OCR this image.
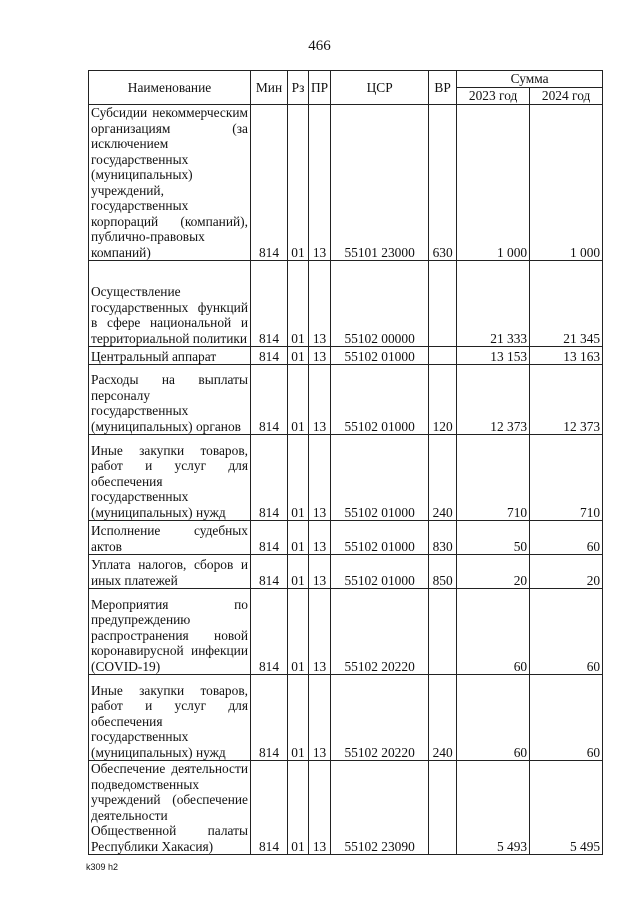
466
Наименование	Мин	Рз	ПР	ЦСР	ВР	Сумма	
						2023 год	2024 год
Субсидии некоммерческим организациям (за исключением государственных (муниципальных) учреждений, государственных корпораций (компаний), публично-правовых компаний)	814	01	13	55101 23000	630	1 000	1 000
Осуществление государственных функций в сфере национальной и территориальной политики	814	01	13	55102 00000		21 333	21 345
Центральный аппарат	814	01	13	55102 01000		13 153	13 163
Расходы на выплаты персоналу государственных (муниципальных) органов	814	01	13	55102 01000	120	12 373	12 373
Иные закупки товаров, работ и услуг для обеспечения государственных (муниципальных) нужд	814	01	13	55102 01000	240	710	710
Исполнение судебных актов	814	01	13	55102 01000	830	50	60
Уплата налогов, сборов и иных платежей	814	01	13	55102 01000	850	20	20
Мероприятия по предупреждению распространения новой коронавирусной инфекции (COVID-19)	814	01	13	55102 20220		60	60
Иные закупки товаров, работ и услуг для обеспечения государственных (муниципальных) нужд	814	01	13	55102 20220	240	60	60
Обеспечение деятельности подведомственных учреждений (обеспечение деятельности Общественной палаты Республики Хакасия)	814	01	13	55102 23090		5 493	5 495
k309 h2
